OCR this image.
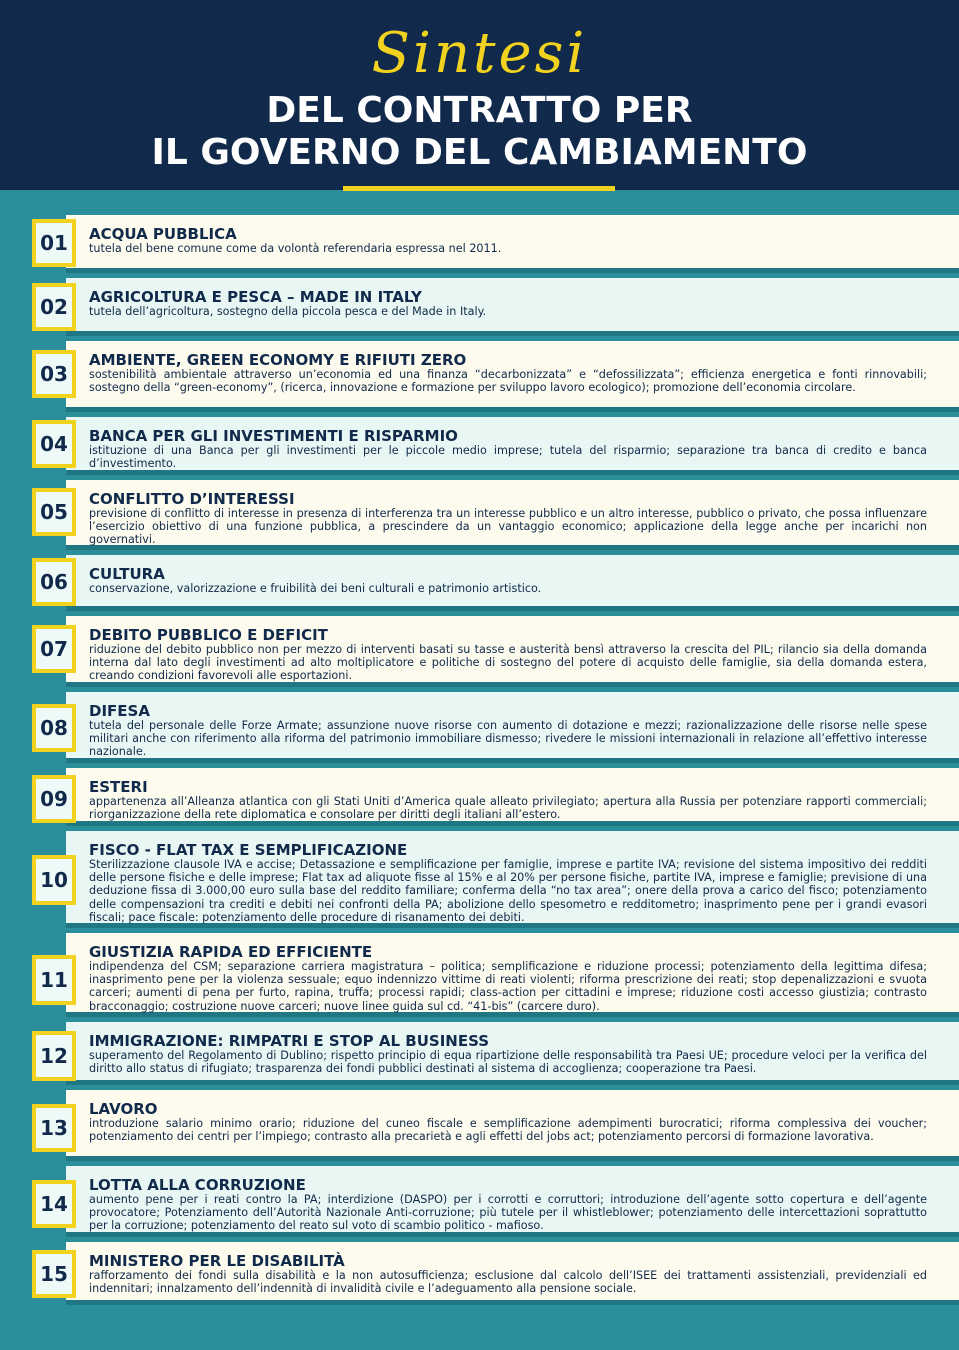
Sintesi
DEL CONTRATTO PER
IL GOVERNO DEL CAMBIAMENTO
ACQUA PUBBLICA
tutela del bene comune come da volontà referendaria espressa nel 2011.
01
AGRICOLTURA E PESCA – MADE IN ITALY
tutela dell’agricoltura, sostegno della piccola pesca e del Made in Italy.
02
AMBIENTE, GREEN ECONOMY E RIFIUTI ZERO
sostenibilità ambientale attraverso un’economia ed una finanza “decarbonizzata” e “defossilizzata”; efficienza energetica e fonti rinnovabili; sostegno della “green-economy”, (ricerca, innovazione e formazione per sviluppo lavoro ecologico); promozione dell’economia circolare.
03
BANCA PER GLI INVESTIMENTI E RISPARMIO
istituzione di una Banca per gli investimenti per le piccole medio imprese; tutela del risparmio; separazione tra banca di credito e banca d’investimento.
04
CONFLITTO D’INTERESSI
previsione di conflitto di interesse in presenza di interferenza tra un interesse pubblico e un altro interesse, pubblico o privato, che possa influenzare l’esercizio obiettivo di una funzione pubblica, a prescindere da un vantaggio economico; applicazione della legge anche per incarichi non governativi.
05
CULTURA
conservazione, valorizzazione e fruibilità dei beni culturali e patrimonio artistico.
06
DEBITO PUBBLICO E DEFICIT
riduzione del debito pubblico non per mezzo di interventi basati su tasse e austerità bensì attraverso la crescita del PIL; rilancio sia della domanda interna dal lato degli investimenti ad alto moltiplicatore e politiche di sostegno del potere di acquisto delle famiglie, sia della domanda estera, creando condizioni favorevoli alle esportazioni.
07
DIFESA
tutela del personale delle Forze Armate; assunzione nuove risorse con aumento di dotazione e mezzi; razionalizzazione delle risorse nelle spese militari anche con riferimento alla riforma del patrimonio immobiliare dismesso; rivedere le missioni internazionali in relazione all’effettivo interesse nazionale.
08
ESTERI
appartenenza all’Alleanza atlantica con gli Stati Uniti d’America quale alleato privilegiato; apertura alla Russia per potenziare rapporti commerciali; riorganizzazione della rete diplomatica e consolare per diritti degli italiani all’estero.
09
FISCO - FLAT TAX E SEMPLIFICAZIONE
Sterilizzazione clausole IVA e accise; Detassazione e semplificazione per famiglie, imprese e partite IVA; revisione del sistema impositivo dei redditi delle persone fisiche e delle imprese; Flat tax ad aliquote fisse al 15% e al 20% per persone fisiche, partite IVA, imprese e famiglie; previsione di una deduzione fissa di 3.000,00 euro sulla base del reddito familiare; conferma della “no tax area”; onere della prova a carico del fisco; potenziamento delle compensazioni tra crediti e debiti nei confronti della PA; abolizione dello spesometro e redditometro; inasprimento pene per i grandi evasori fiscali; pace fiscale: potenziamento delle procedure di risanamento dei debiti.
10
GIUSTIZIA RAPIDA ED EFFICIENTE
indipendenza del CSM; separazione carriera magistratura – politica; semplificazione e riduzione processi; potenziamento della legittima difesa; inasprimento pene per la violenza sessuale; equo indennizzo vittime di reati violenti; riforma prescrizione dei reati; stop depenalizzazioni e svuota carceri; aumenti di pena per furto, rapina, truffa; processi rapidi; class-action per cittadini e imprese; riduzione costi accesso giustizia; contrasto bracconaggio; costruzione nuove carceri; nuove linee guida sul cd. “41-bis” (carcere duro).
11
IMMIGRAZIONE: RIMPATRI E STOP AL BUSINESS
superamento del Regolamento di Dublino; rispetto principio di equa ripartizione delle responsabilità tra Paesi UE; procedure veloci per la verifica del diritto allo status di rifugiato; trasparenza dei fondi pubblici destinati al sistema di accoglienza; cooperazione tra Paesi.
12
LAVORO
introduzione salario minimo orario; riduzione del cuneo fiscale e semplificazione adempimenti burocratici; riforma complessiva dei voucher; potenziamento dei centri per l’impiego; contrasto alla precarietà e agli effetti del jobs act; potenziamento percorsi di formazione lavorativa.
13
LOTTA ALLA CORRUZIONE
aumento pene per i reati contro la PA; interdizione (DASPO) per i corrotti e corruttori; introduzione dell’agente sotto copertura e dell’agente provocatore; Potenziamento dell’Autorità Nazionale Anti-corruzione; più tutele per il whistleblower; potenziamento delle intercettazioni soprattutto per la corruzione; potenziamento del reato sul voto di scambio politico - mafioso.
14
MINISTERO PER LE DISABILITÀ
rafforzamento dei fondi sulla disabilità e la non autosufficienza; esclusione dal calcolo dell’ISEE dei trattamenti assistenziali, previdenziali ed indennitari; innalzamento dell’indennità di invalidità civile e l’adeguamento alla pensione sociale.
15
